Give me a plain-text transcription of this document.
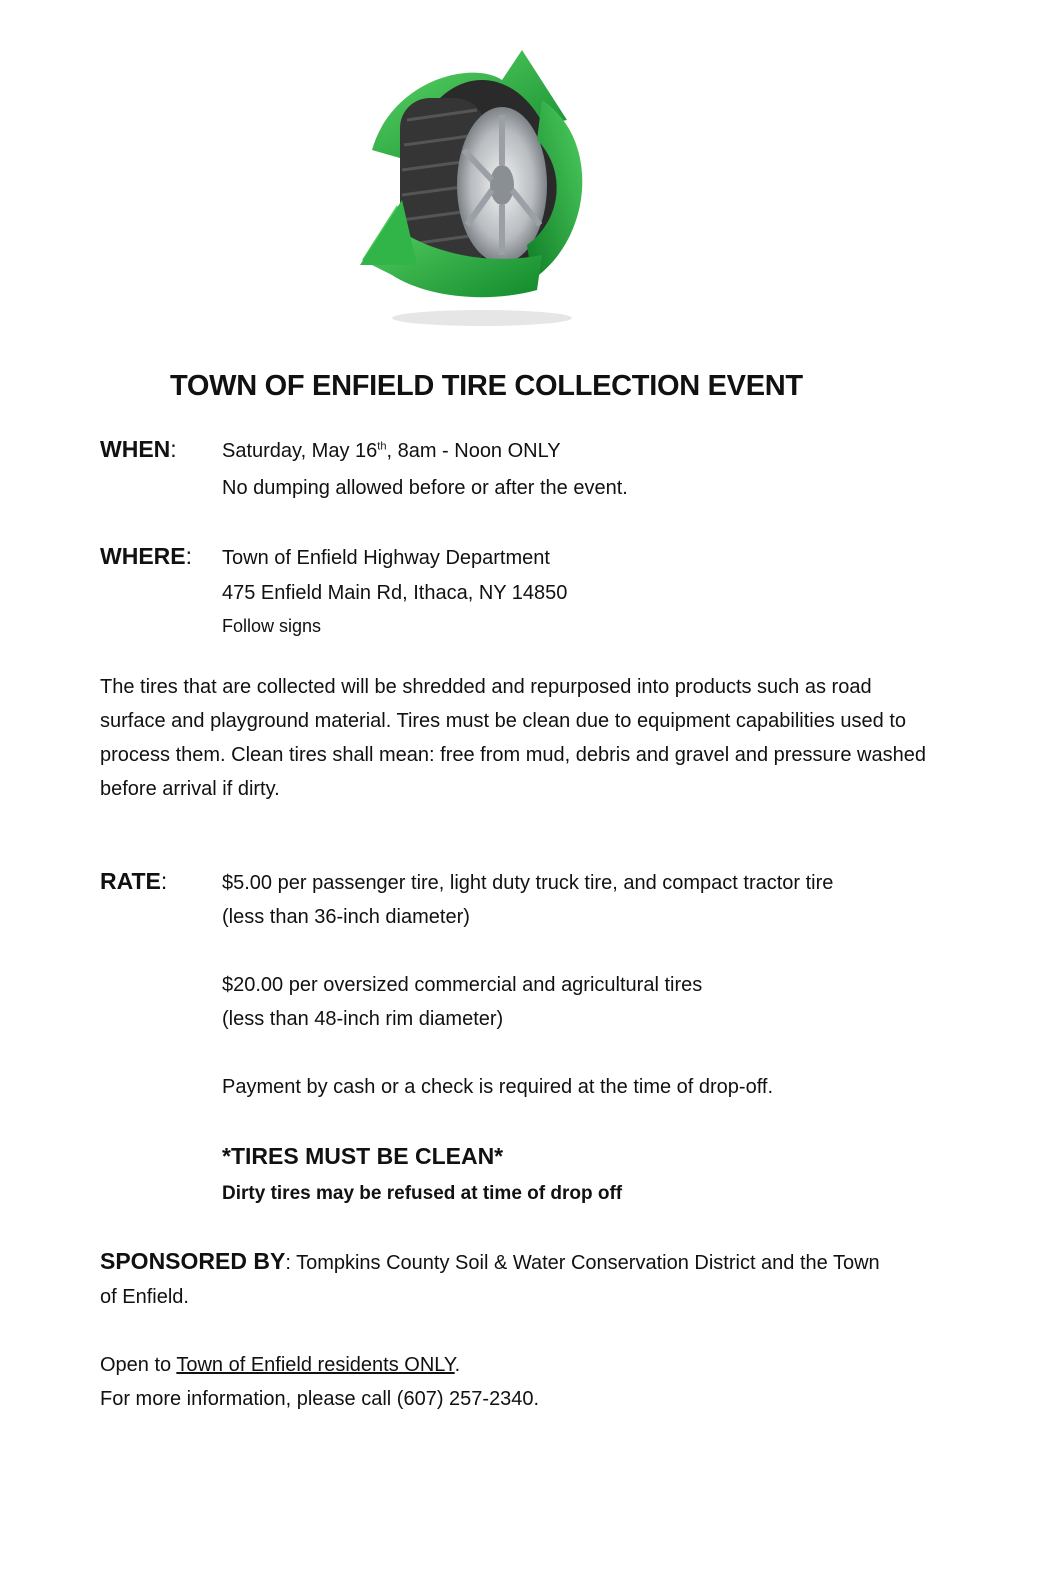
TOWN OF ENFIELD TIRE COLLECTION EVENT
WHEN: Saturday, May 16th, 8am - Noon ONLY
No dumping allowed before or after the event.
WHERE: Town of Enfield Highway Department
475 Enfield Main Rd, Ithaca, NY 14850
Follow signs
The tires that are collected will be shredded and repurposed into products such as road surface and playground material. Tires must be clean due to equipment capabilities used to process them. Clean tires shall mean: free from mud, debris and gravel and pressure washed before arrival if dirty.
RATE:	$5.00 per passenger tire, light duty truck tire, and compact tractor tire
(less than 36-inch diameter)
$20.00 per oversized commercial and agricultural tires
(less than 48-inch rim diameter)
Payment by cash or a check is required at the time of drop-off.
*TIRES MUST BE CLEAN*
Dirty tires may be refused at time of drop off
SPONSORED BY: Tompkins County Soil & Water Conservation District and the Town of Enfield.
Open to Town of Enfield residents ONLY.
For more information, please call (607) 257-2340.
